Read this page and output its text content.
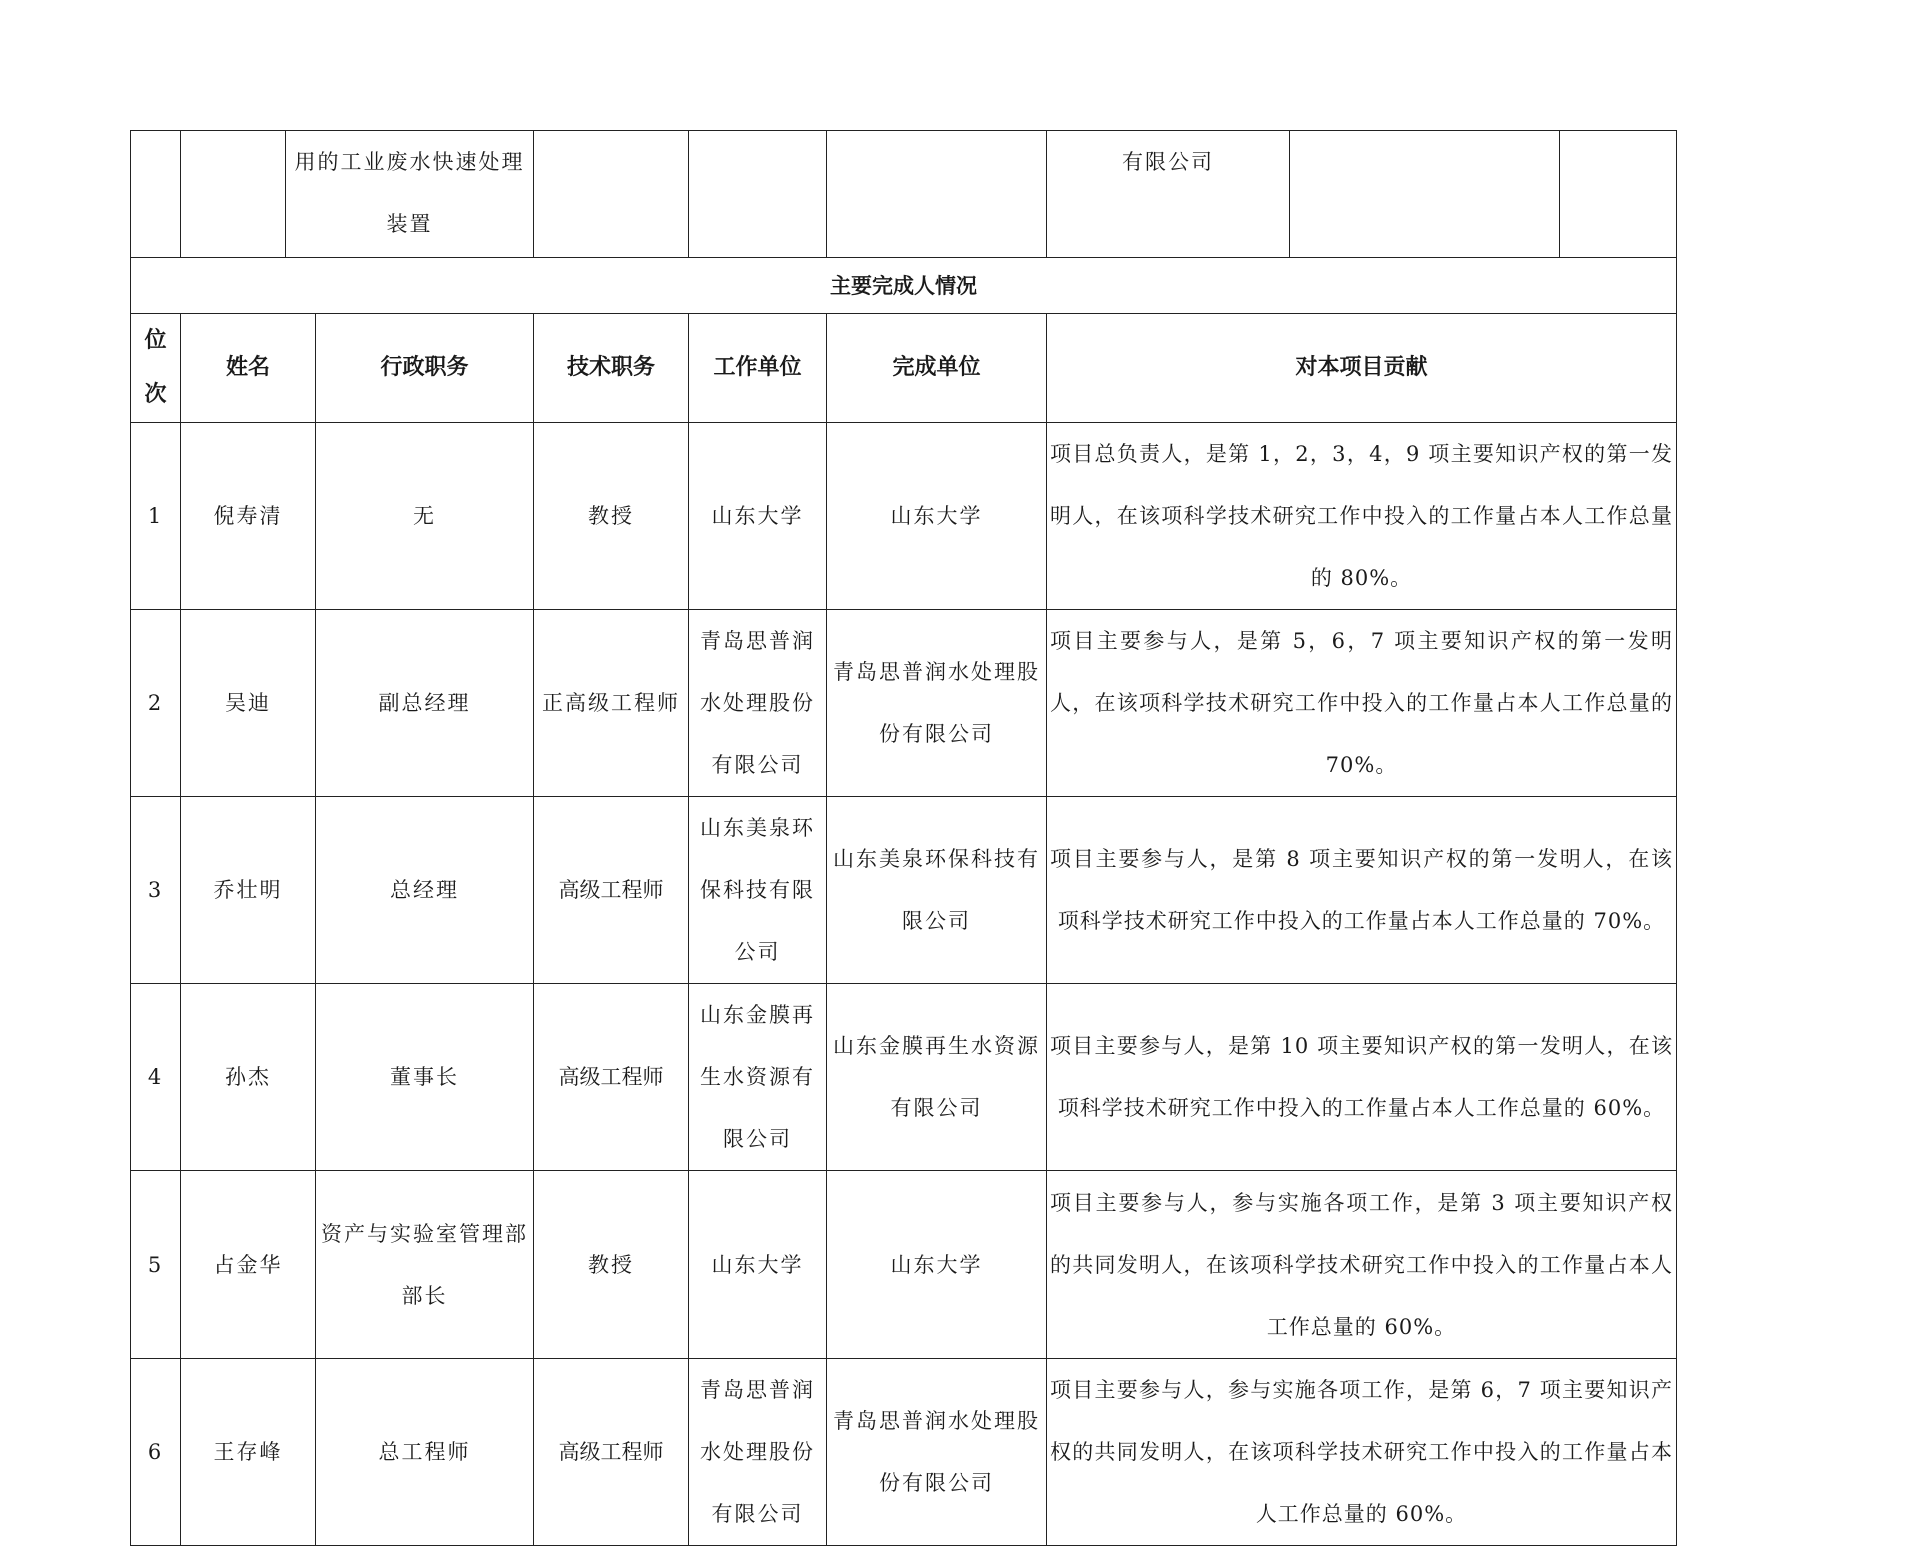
		用的工业废水快速处理装置					有限公司		
主要完成人情况									
位次	姓名		行政职务	技术职务	工作单位	完成单位	对本项目贡献		
1	倪寿清		无	教授	山东大学	山东大学	项目总负责人，是第 1，2，3，4，9 项主要知识产权的第一发明人，在该项科学技术研究工作中投入的工作量占本人工作总量的 80%。		
2	吴迪		副总经理	正高级工程师	青岛思普润水处理股份有限公司	青岛思普润水处理股份有限公司	项目主要参与人，是第 5，6，7 项主要知识产权的第一发明人，在该项科学技术研究工作中投入的工作量占本人工作总量的 70%。		
3	乔壮明		总经理	高级工程师	山东美泉环保科技有限公司	山东美泉环保科技有限公司	项目主要参与人，是第 8 项主要知识产权的第一发明人，在该项科学技术研究工作中投入的工作量占本人工作总量的 70%。		
4	孙杰		董事长	高级工程师	山东金膜再生水资源有限公司	山东金膜再生水资源有限公司	项目主要参与人，是第 10 项主要知识产权的第一发明人，在该项科学技术研究工作中投入的工作量占本人工作总量的 60%。		
5	占金华		资产与实验室管理部部长	教授	山东大学	山东大学	项目主要参与人，参与实施各项工作，是第 3 项主要知识产权的共同发明人，在该项科学技术研究工作中投入的工作量占本人工作总量的 60%。		
6	王存峰		总工程师	高级工程师	青岛思普润水处理股份有限公司	青岛思普润水处理股份有限公司	项目主要参与人，参与实施各项工作，是第 6，7 项主要知识产权的共同发明人，在该项科学技术研究工作中投入的工作量占本人工作总量的 60%。		
